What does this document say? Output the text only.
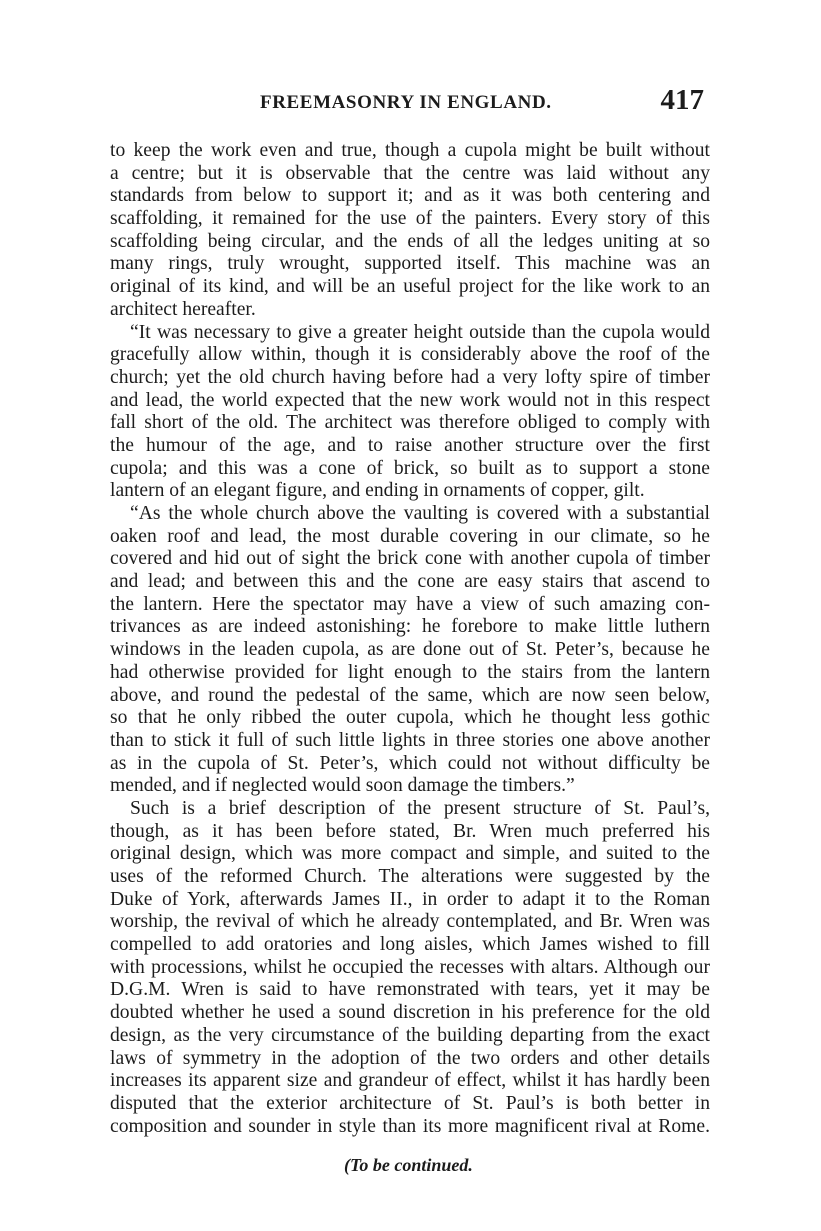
FREEMASONRY IN ENGLAND.	417
to keep the work even and true, though a cupola might be built without
a centre; but it is observable that the centre was laid without any
standards from below to support it; and as it was both centering and
scaffolding, it remained for the use of the painters. Every story of this
scaffolding being circular, and the ends of all the ledges uniting at so
many rings, truly wrought, supported itself. This machine was an
original of its kind, and will be an useful project for the like work to an
architect hereafter.
“It was necessary to give a greater height outside than the cupola would
gracefully allow within, though it is considerably above the roof of the
church; yet the old church having before had a very lofty spire of timber
and lead, the world expected that the new work would not in this respect
fall short of the old. The architect was therefore obliged to comply with
the humour of the age, and to raise another structure over the first
cupola; and this was a cone of brick, so built as to support a stone
lantern of an elegant figure, and ending in ornaments of copper, gilt.
“As the whole church above the vaulting is covered with a substantial
oaken roof and lead, the most durable covering in our climate, so he
covered and hid out of sight the brick cone with another cupola of timber
and lead; and between this and the cone are easy stairs that ascend to
the lantern. Here the spectator may have a view of such amazing con-
trivances as are indeed astonishing: he forebore to make little luthern
windows in the leaden cupola, as are done out of St. Peter’s, because he
had otherwise provided for light enough to the stairs from the lantern
above, and round the pedestal of the same, which are now seen below,
so that he only ribbed the outer cupola, which he thought less gothic
than to stick it full of such little lights in three stories one above another
as in the cupola of St. Peter’s, which could not without difficulty be
mended, and if neglected would soon damage the timbers.”
Such is a brief description of the present structure of St. Paul’s,
though, as it has been before stated, Br. Wren much preferred his
original design, which was more compact and simple, and suited to the
uses of the reformed Church. The alterations were suggested by the
Duke of York, afterwards James II., in order to adapt it to the Roman
worship, the revival of which he already contemplated, and Br. Wren was
compelled to add oratories and long aisles, which James wished to fill
with processions, whilst he occupied the recesses with altars. Although our
D.G.M. Wren is said to have remonstrated with tears, yet it may be
doubted whether he used a sound discretion in his preference for the old
design, as the very circumstance of the building departing from the exact
laws of symmetry in the adoption of the two orders and other details
increases its apparent size and grandeur of effect, whilst it has hardly been
disputed that the exterior architecture of St. Paul’s is both better in
composition and sounder in style than its more magnificent rival at Rome.
(To be continued.
